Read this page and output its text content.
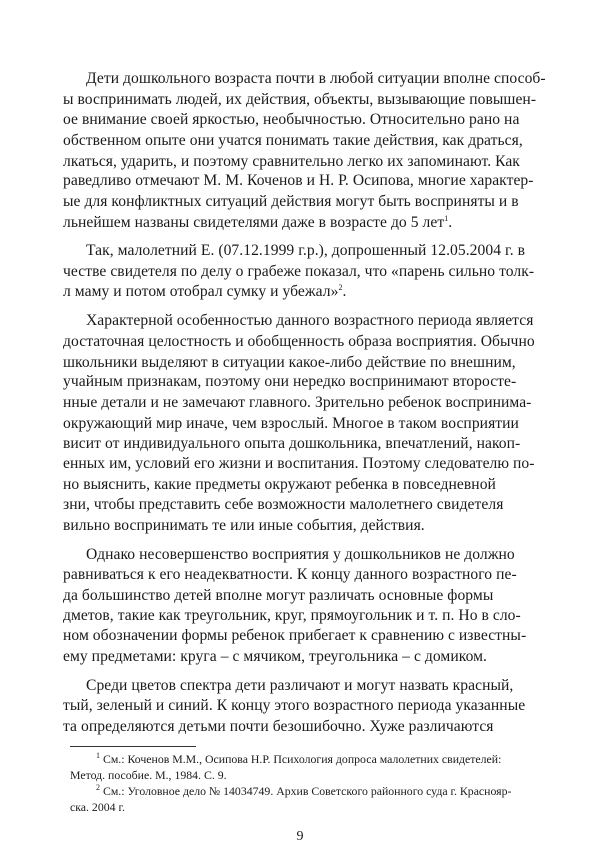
Дети дошкольного возраста почти в любой ситуации вполне способ-
ы воспринимать людей, их действия, объекты, вызывающие повышен-
ое внимание своей яркостью, необычностью. Относительно рано на
обственном опыте они учатся понимать такие действия, как драться,
лкаться, ударить, и поэтому сравнительно легко их запоминают. Как
раведливо отмечают М. М. Коченов и Н. Р. Осипова, многие характер-
ые для конфликтных ситуаций действия могут быть восприняты и в
льнейшем названы свидетелями даже в возрасте до 5 лет$^1$.
Так, малолетний Е. (07.12.1999 г.р.), допрошенный 12.05.2004 г. в
честве свидетеля по делу о грабеже показал, что «парень сильно толк-
л маму и потом отобрал сумку и убежал»$^2$.
Характерной особенностью данного возрастного периода является
достаточная целостность и обобщенность образа восприятия. Обычно
школьники выделяют в ситуации какое-либо действие по внешним,
учайным признакам, поэтому они нередко воспринимают второсте-
нные детали и не замечают главного. Зрительно ребенок воспринима-
окружающий мир иначе, чем взрослый. Многое в таком восприятии
висит от индивидуального опыта дошкольника, впечатлений, накоп-
енных им, условий его жизни и воспитания. Поэтому следователю по-
но выяснить, какие предметы окружают ребенка в повседневной
зни, чтобы представить себе возможности малолетнего свидетеля
вильно воспринимать те или иные события, действия.
Однако несовершенство восприятия у дошкольников не должно
равниваться к его неадекватности. К концу данного возрастного пе-
да большинство детей вполне могут различать основные формы
дметов, такие как треугольник, круг, прямоугольник и т. п. Но в сло-
ном обозначении формы ребенок прибегает к сравнению с известны-
ему предметами: круга – с мячиком, треугольника – с домиком.
Среди цветов спектра дети различают и могут назвать красный,
тый, зеленый и синий. К концу этого возрастного периода указанные
та определяются детьми почти безошибочно. Хуже различаются
$^1$ См.: Коченов М.М., Осипова Н.Р. Психология допроса малолетних свидетелей:
Метод. пособие. М., 1984. С. 9.
$^2$ См.: Уголовное дело № 14034749. Архив Советского районного суда г. Краснояр-
ска. 2004 г.
9
